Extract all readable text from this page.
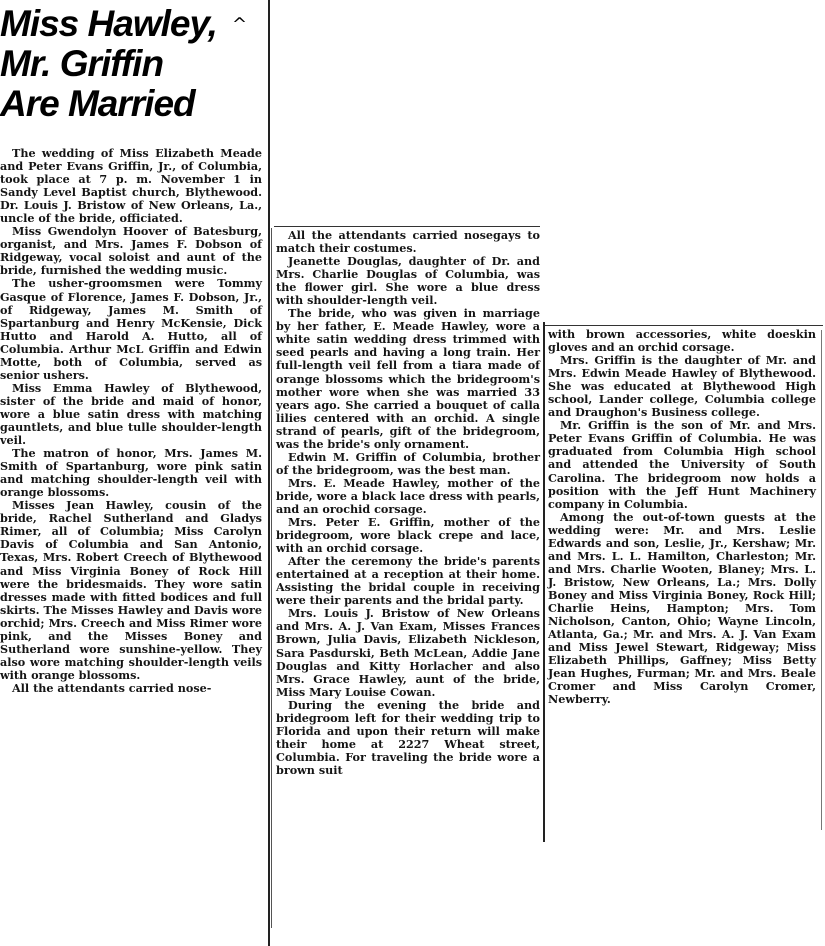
Miss Hawley,
Mr. Griffin
Are Married
^

The wedding of Miss Elizabeth Meade and Peter Evans Griffin, Jr., of Columbia, took place at 7 p. m. November 1 in Sandy Level Baptist church, Blythewood. Dr. Louis J. Bristow of New Orleans, La., uncle of the bride, officiated.

Miss Gwendolyn Hoover of Batesburg, organist, and Mrs. James F. Dobson of Ridgeway, vocal soloist and aunt of the bride, furnished the wedding music.

The usher-groomsmen were Tommy Gasque of Florence, James F. Dobson, Jr., of Ridgeway, James M. Smith of Spartanburg and Henry McKensie, Dick Hutto and Harold A. Hutto, all of Columbia. Arthur McL Griffin and Edwin Motte, both of Columbia, served as senior ushers.

Miss Emma Hawley of Blythewood, sister of the bride and maid of honor, wore a blue satin dress with matching gauntlets, and blue tulle shoulder-length veil.

The matron of honor, Mrs. James M. Smith of Spartanburg, wore pink satin and matching shoulder-length veil with orange blossoms.

Misses Jean Hawley, cousin of the bride, Rachel Sutherland and Gladys Rimer, all of Columbia; Miss Carolyn Davis of Columbia and San Antonio, Texas, Mrs. Robert Creech of Blythewood and Miss Virginia Boney of Rock Hill were the bridesmaids. They wore satin dresses made with fitted bodices and full skirts. The Misses Hawley and Davis wore orchid; Mrs. Creech and Miss Rimer wore pink, and the Misses Boney and Sutherland wore sunshine-yellow. They also wore matching shoulder-length veils with orange blossoms.

All the attendants carried nose-

All the attendants carried nosegays to match their costumes.

Jeanette Douglas, daughter of Dr. and Mrs. Charlie Douglas of Columbia, was the flower girl. She wore a blue dress with shoulder-length veil.

The bride, who was given in marriage by her father, E. Meade Hawley, wore a white satin wedding dress trimmed with seed pearls and having a long train. Her full-length veil fell from a tiara made of orange blossoms which the bridegroom's mother wore when she was married 33 years ago. She carried a bouquet of calla lilies centered with an orchid. A single strand of pearls, gift of the bridegroom, was the bride's only ornament.

Edwin M. Griffin of Columbia, brother of the bridegroom, was the best man.

Mrs. E. Meade Hawley, mother of the bride, wore a black lace dress with pearls, and an orochid corsage.

Mrs. Peter E. Griffin, mother of the bridegroom, wore black crepe and lace, with an orchid corsage.

After the ceremony the bride's parents entertained at a reception at their home. Assisting the bridal couple in receiving were their parents and the bridal party.

Mrs. Louis J. Bristow of New Orleans and Mrs. A. J. Van Exam, Misses Frances Brown, Julia Davis, Elizabeth Nickleson, Sara Pasdurski, Beth McLean, Addie Jane Douglas and Kitty Horlacher and also Mrs. Grace Hawley, aunt of the bride, Miss Mary Louise Cowan.

During the evening the bride and bridegroom left for their wedding trip to Florida and upon their return will make their home at 2227 Wheat street, Columbia. For traveling the bride wore a brown suit

with brown accessories, white doeskin gloves and an orchid corsage.

Mrs. Griffin is the daughter of Mr. and Mrs. Edwin Meade Hawley of Blythewood. She was educated at Blythewood High school, Lander college, Columbia college and Draughon's Business college.

Mr. Griffin is the son of Mr. and Mrs. Peter Evans Griffin of Columbia. He was graduated from Columbia High school and attended the University of South Carolina. The bridegroom now holds a position with the Jeff Hunt Machinery company in Columbia.

Among the out-of-town guests at the wedding were: Mr. and Mrs. Leslie Edwards and son, Leslie, Jr., Kershaw; Mr. and Mrs. L. L. Hamilton, Charleston; Mr. and Mrs. Charlie Wooten, Blaney; Mrs. L. J. Bristow, New Orleans, La.; Mrs. Dolly Boney and Miss Virginia Boney, Rock Hill; Charlie Heins, Hampton; Mrs. Tom Nicholson, Canton, Ohio; Wayne Lincoln, Atlanta, Ga.; Mr. and Mrs. A. J. Van Exam and Miss Jewel Stewart, Ridgeway; Miss Elizabeth Phillips, Gaffney; Miss Betty Jean Hughes, Furman; Mr. and Mrs. Beale Cromer and Miss Carolyn Cromer, Newberry.
